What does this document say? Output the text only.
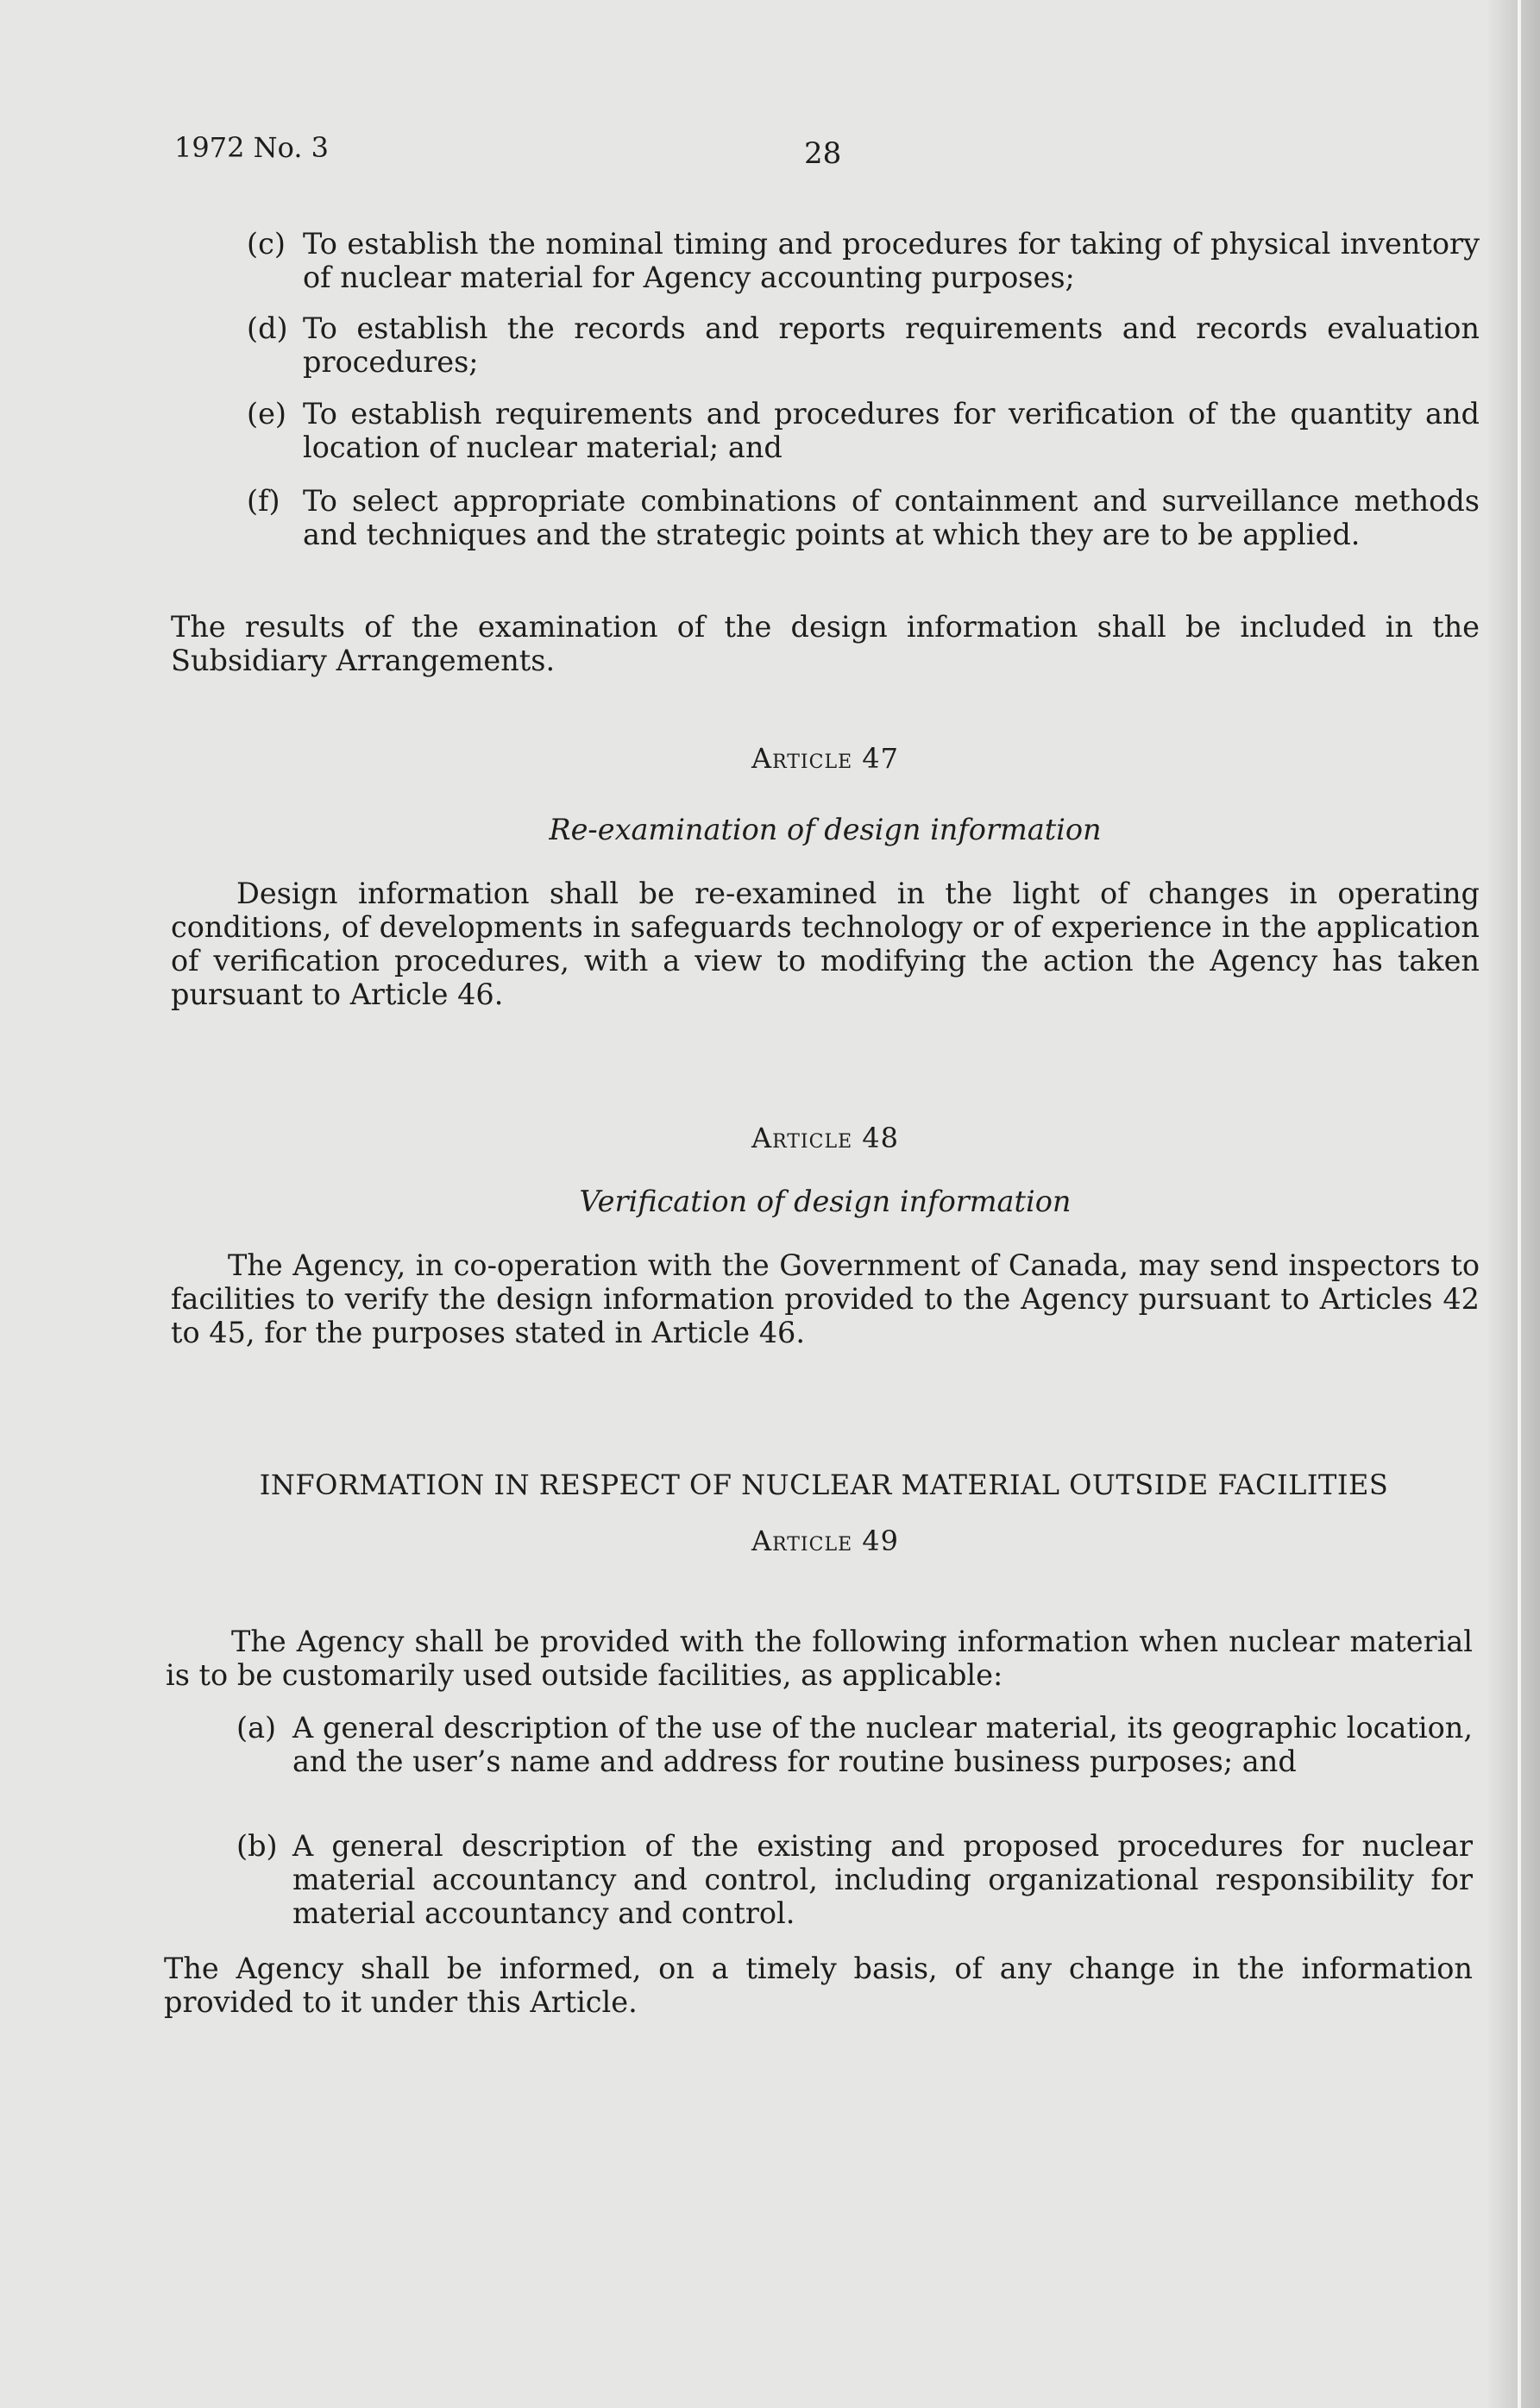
1972 No. 3	28
(c) To establish the nominal timing and procedures for taking of physical inventory of nuclear material for Agency accounting purposes;
(d) To establish the records and reports requirements and records evaluation procedures;
(e) To establish requirements and procedures for verification of the quantity and location of nuclear material; and
(f) To select appropriate combinations of containment and surveillance methods and techniques and the strategic points at which they are to be applied.
The results of the examination of the design information shall be included in the Subsidiary Arrangements.
Article 47
Re-examination of design information
Design information shall be re-examined in the light of changes in operating conditions, of developments in safeguards technology or of experience in the application of verification procedures, with a view to modifying the action the Agency has taken pursuant to Article 46.
Article 48
Verification of design information
The Agency, in co-operation with the Government of Canada, may send inspectors to facilities to verify the design information provided to the Agency pursuant to Articles 42 to 45, for the purposes stated in Article 46.
INFORMATION IN RESPECT OF NUCLEAR MATERIAL OUTSIDE FACILITIES
Article 49
The Agency shall be provided with the following information when nuclear material is to be customarily used outside facilities, as applicable:
(a) A general description of the use of the nuclear material, its geographic location, and the user’s name and address for routine business purposes; and
(b) A general description of the existing and proposed procedures for nuclear material accountancy and control, including organizational responsibility for material accountancy and control.
The Agency shall be informed, on a timely basis, of any change in the information provided to it under this Article.
